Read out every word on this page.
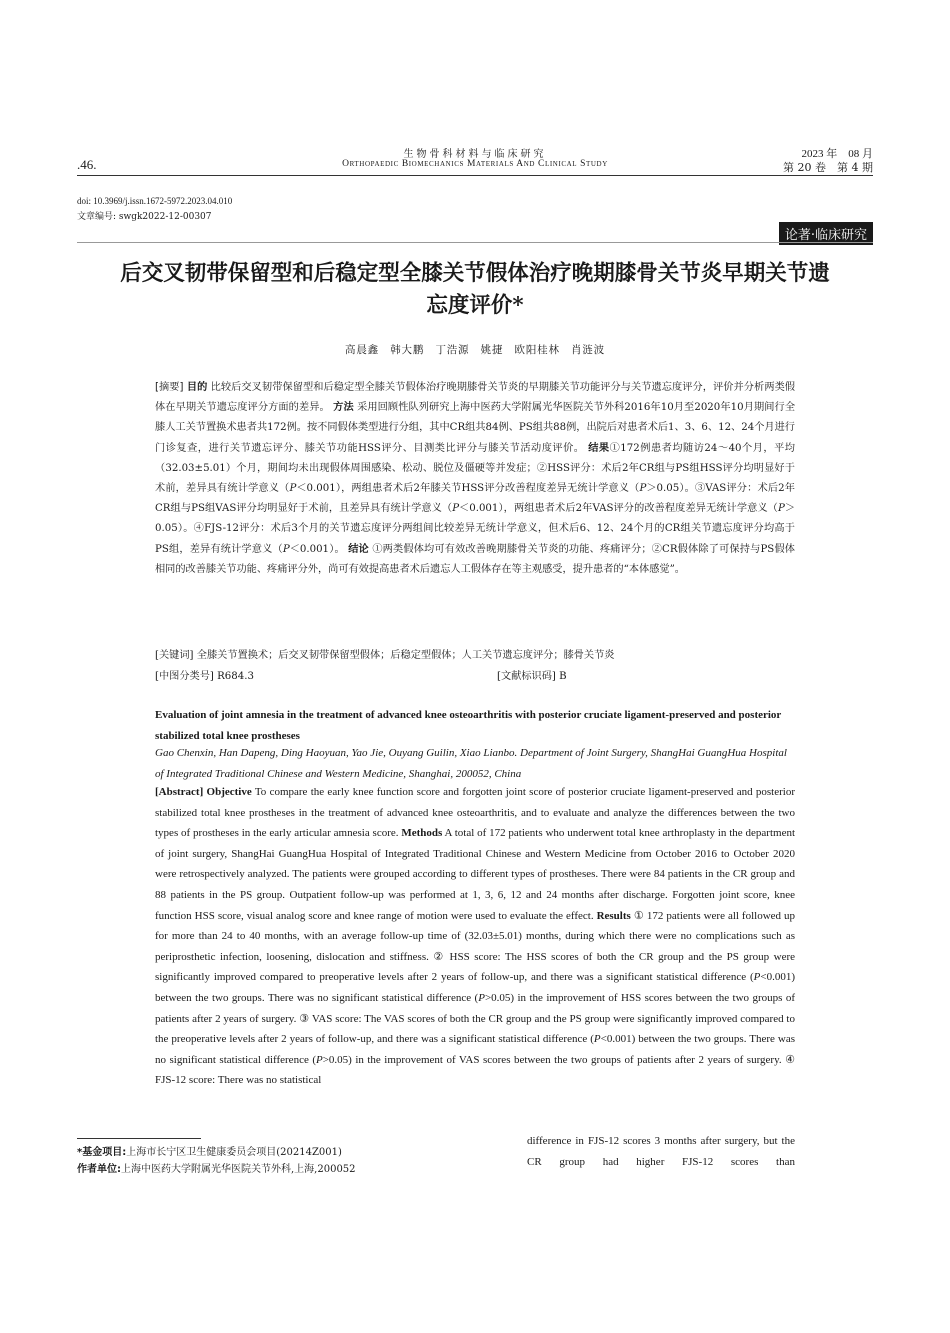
.46.
生物骨科材料与临床研究
Orthopaedic Biomechanics Materials And Clinical Study
2023 年　08 月
第 20 卷　第 4 期
doi: 10.3969/j.issn.1672-5972.2023.04.010
文章编号: swgk2022-12-00307
论著·临床研究
后交叉韧带保留型和后稳定型全膝关节假体治疗晚期膝骨关节炎早期关节遗忘度评价*
高晨鑫　韩大鹏　丁浩源　姚捷　欧阳桂林　肖涟波
[摘要] 目的 比较后交叉韧带保留型和后稳定型全膝关节假体治疗晚期膝骨关节炎的早期膝关节功能评分与关节遗忘度评分，评价并分析两类假体在早期关节遗忘度评分方面的差异。 方法 采用回顾性队列研究上海中医药大学附属光华医院关节外科2016年10月至2020年10月期间行全膝人工关节置换术患者共172例。按不同假体类型进行分组，其中CR组共84例、PS组共88例，出院后对患者术后1、3、6、12、24个月进行门诊复查，进行关节遗忘评分、膝关节功能HSS评分、目测类比评分与膝关节活动度评价。 结果①172例患者均随访24～40个月，平均（32.03±5.01）个月，期间均未出现假体周围感染、松动、脱位及僵硬等并发症；②HSS评分：术后2年CR组与PS组HSS评分均明显好于术前，差异具有统计学意义（P＜0.001），两组患者术后2年膝关节HSS评分改善程度差异无统计学意义（P＞0.05）。③VAS评分：术后2年CR组与PS组VAS评分均明显好于术前，且差异具有统计学意义（P＜0.001），两组患者术后2年VAS评分的改善程度差异无统计学意义（P＞0.05）。④FJS-12评分：术后3个月的关节遗忘度评分两组间比较差异无统计学意义，但术后6、12、24个月的CR组关节遗忘度评分均高于PS组，差异有统计学意义（P＜0.001）。 结论 ①两类假体均可有效改善晚期膝骨关节炎的功能、疼痛评分；②CR假体除了可保持与PS假体相同的改善膝关节功能、疼痛评分外，尚可有效提高患者术后遗忘人工假体存在等主观感受，提升患者的“本体感觉”。
[关键词] 全膝关节置换术；后交叉韧带保留型假体；后稳定型假体；人工关节遗忘度评分；膝骨关节炎
[中图分类号] R684.3	[文献标识码] B
Evaluation of joint amnesia in the treatment of advanced knee osteoarthritis with posterior cruciate ligament-preserved and posterior stabilized total knee prostheses
Gao Chenxin, Han Dapeng, Ding Haoyuan, Yao Jie, Ouyang Guilin, Xiao Lianbo. Department of Joint Surgery, ShangHai GuangHua Hospital of Integrated Traditional Chinese and Western Medicine, Shanghai, 200052, China
[Abstract] Objective To compare the early knee function score and forgotten joint score of posterior cruciate ligament-preserved and posterior stabilized total knee prostheses in the treatment of advanced knee osteoarthritis, and to evaluate and analyze the differences between the two types of prostheses in the early articular amnesia score. Methods A total of 172 patients who underwent total knee arthroplasty in the department of joint surgery, ShangHai GuangHua Hospital of Integrated Traditional Chinese and Western Medicine from October 2016 to October 2020 were retrospectively analyzed. The patients were grouped according to different types of prostheses. There were 84 patients in the CR group and 88 patients in the PS group. Outpatient follow-up was performed at 1, 3, 6, 12 and 24 months after discharge. Forgotten joint score, knee function HSS score, visual analog score and knee range of motion were used to evaluate the effect. Results ① 172 patients were all followed up for more than 24 to 40 months, with an average follow-up time of (32.03±5.01) months, during which there were no complications such as periprosthetic infection, loosening, dislocation and stiffness. ② HSS score: The HSS scores of both the CR group and the PS group were significantly improved compared to preoperative levels after 2 years of follow-up, and there was a significant statistical difference (P<0.001) between the two groups. There was no significant statistical difference (P>0.05) in the improvement of HSS scores between the two groups of patients after 2 years of surgery. ③ VAS score: The VAS scores of both the CR group and the PS group were significantly improved compared to the preoperative levels after 2 years of follow-up, and there was a significant statistical difference (P<0.001) between the two groups. There was no significant statistical difference (P>0.05) in the improvement of VAS scores between the two groups of patients after 2 years of surgery. ④ FJS-12 score: There was no statistical
difference in FJS-12 scores 3 months after surgery, but the CR group had higher FJS-12 scores than
*基金项目:上海市长宁区卫生健康委员会项目(20214Z001)
作者单位:上海中医药大学附属光华医院关节外科,上海,200052
